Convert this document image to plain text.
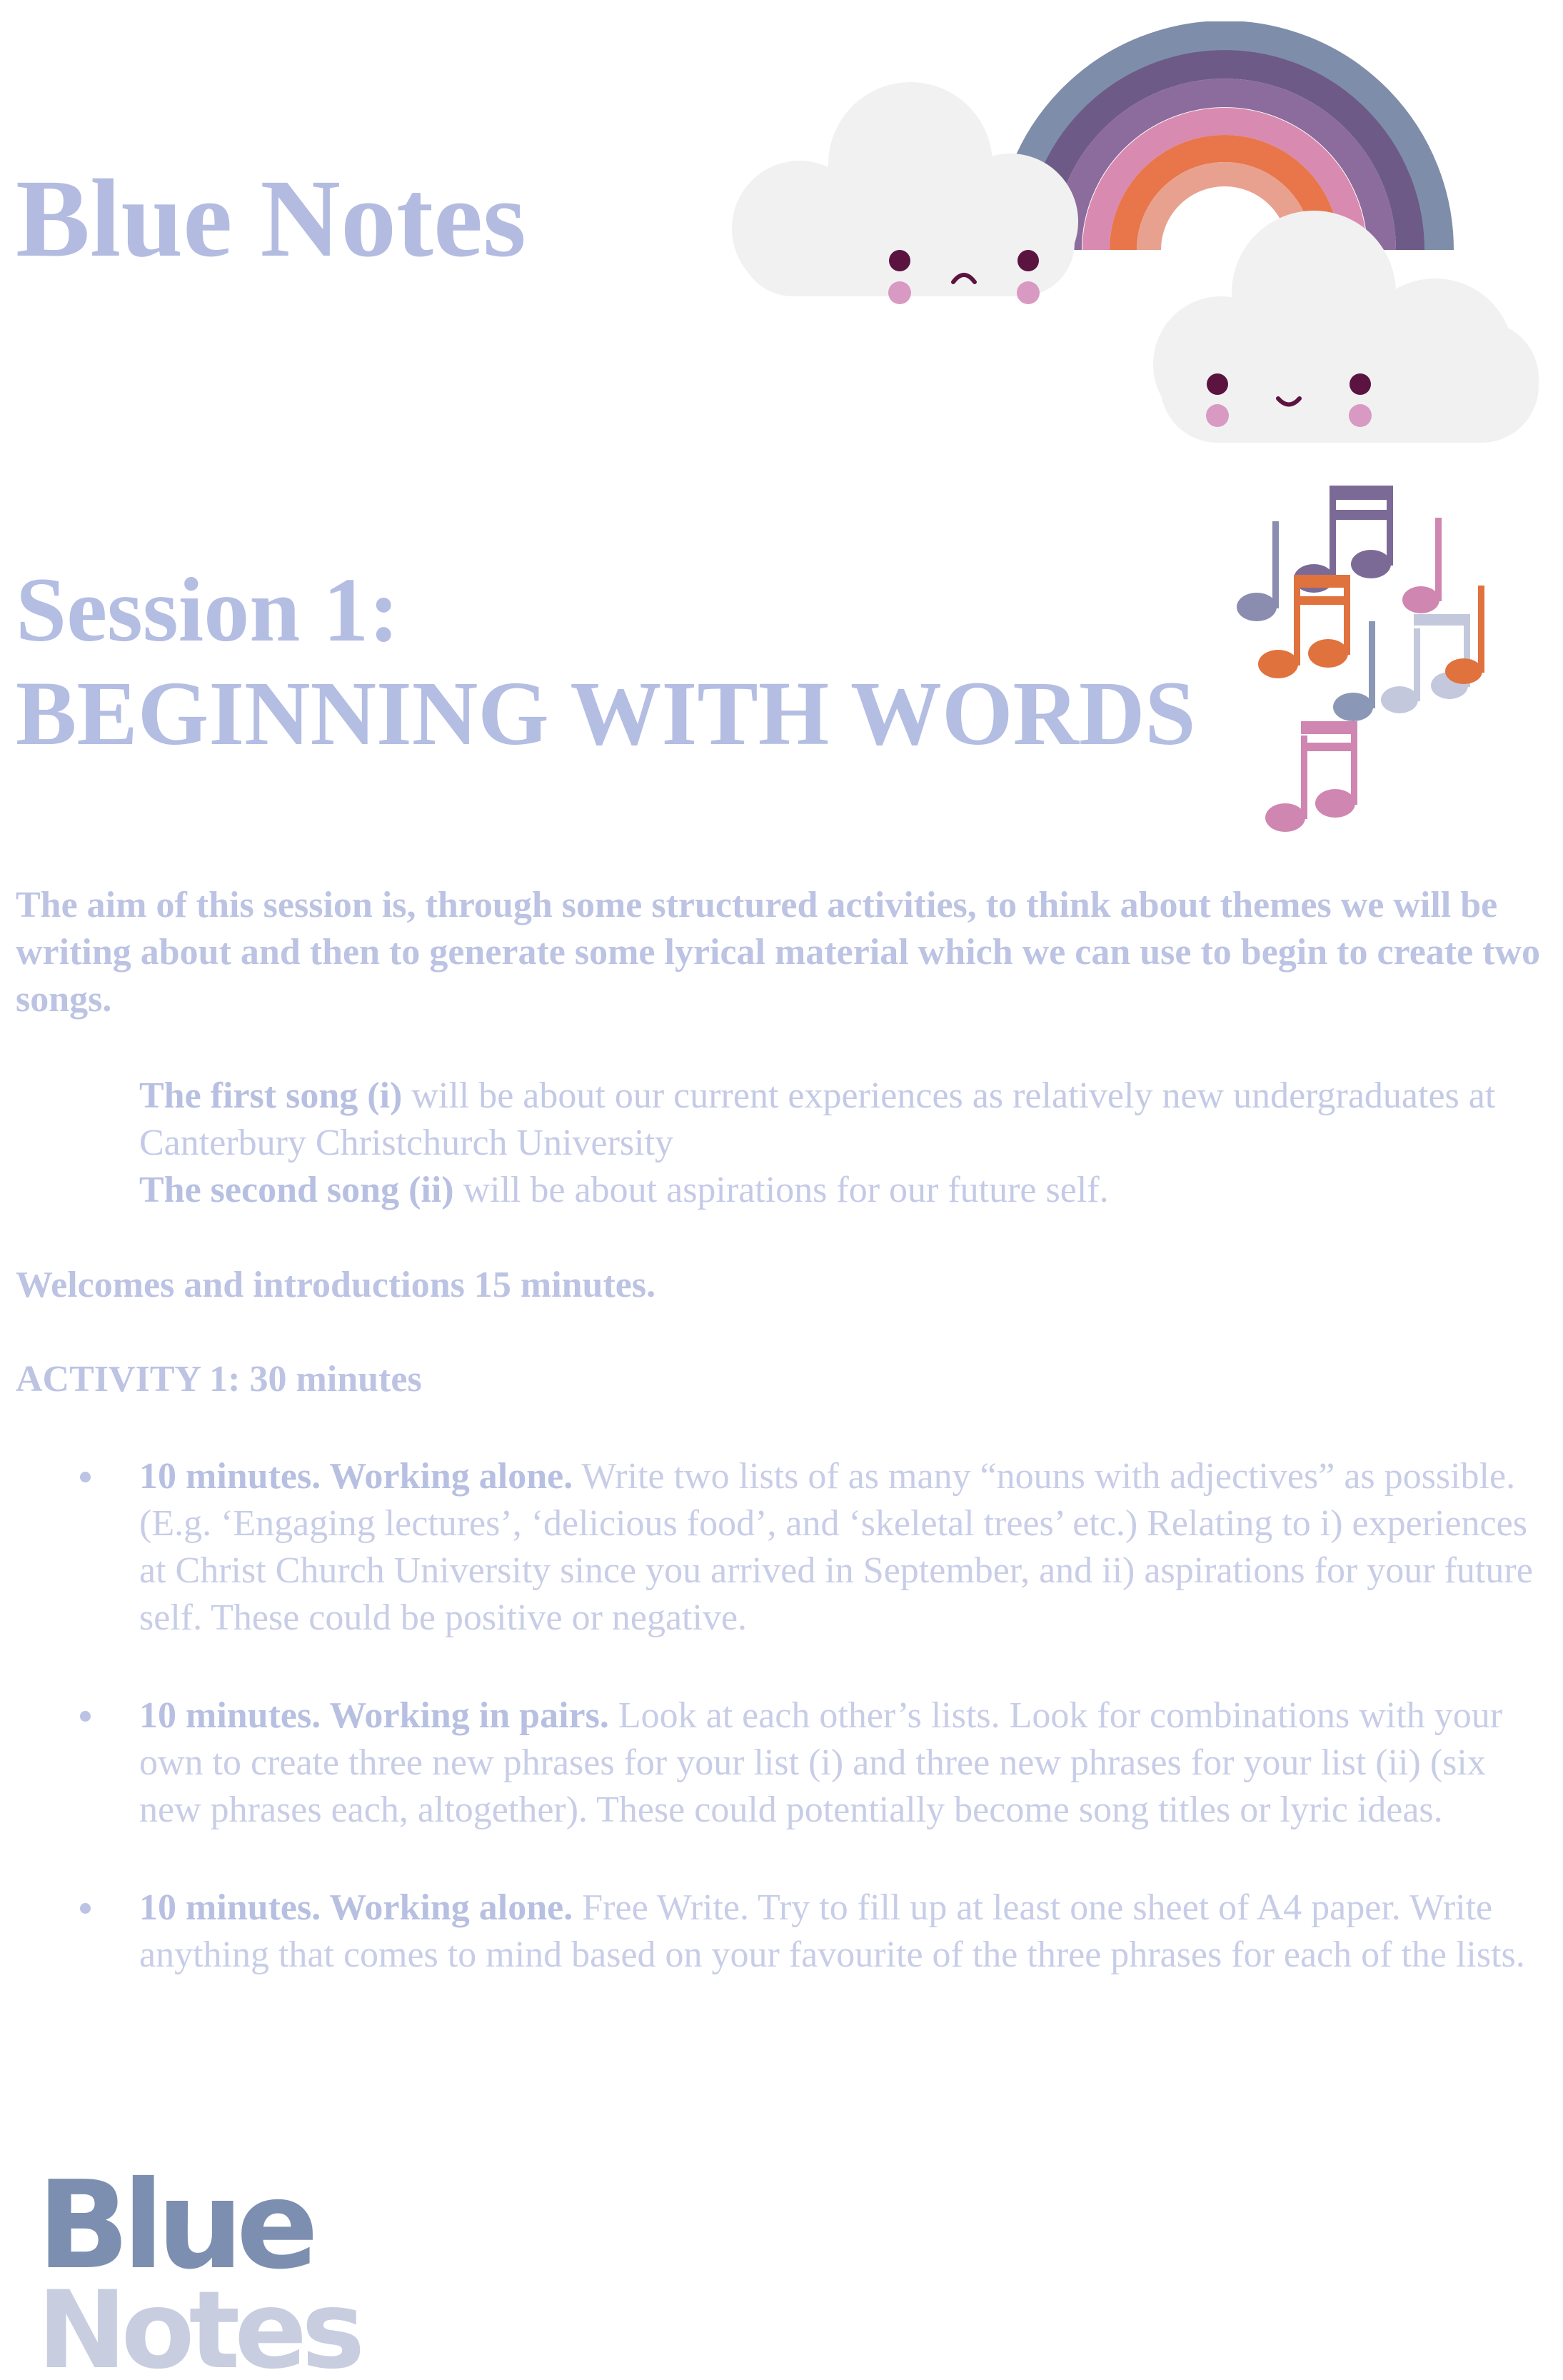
Blue Notes
Session 1:
BEGINNING WITH WORDS

The aim of this session is, through some structured activities, to think about themes we will be writing about and then to generate some lyrical material which we can use to begin to create two songs.

The first song (i) will be about our current experiences as relatively new undergraduates at Canterbury Christchurch University
The second song (ii) will be about aspirations for our future self.

Welcomes and introductions 15 minutes.

ACTIVITY 1: 30 minutes

10 minutes. Working alone. Write two lists of as many “nouns with adjectives” as possible. (E.g. ‘Engaging lectures’, ‘delicious food’, and ‘skeletal trees’ etc.) Relating to i) experiences at Christ Church University since you arrived in September, and ii) aspirations for your future self. These could be positive or negative.
10 minutes. Working in pairs. Look at each other’s lists. Look for combinations with your own to create three new phrases for your list (i) and three new phrases for your list (ii) (six new phrases each, altogether). These could potentially become song titles or lyric ideas.
10 minutes. Working alone. Free Write. Try to fill up at least one sheet of A4 paper. Write anything that comes to mind based on your favourite of the three phrases for each of the lists.
Blue
Notes
